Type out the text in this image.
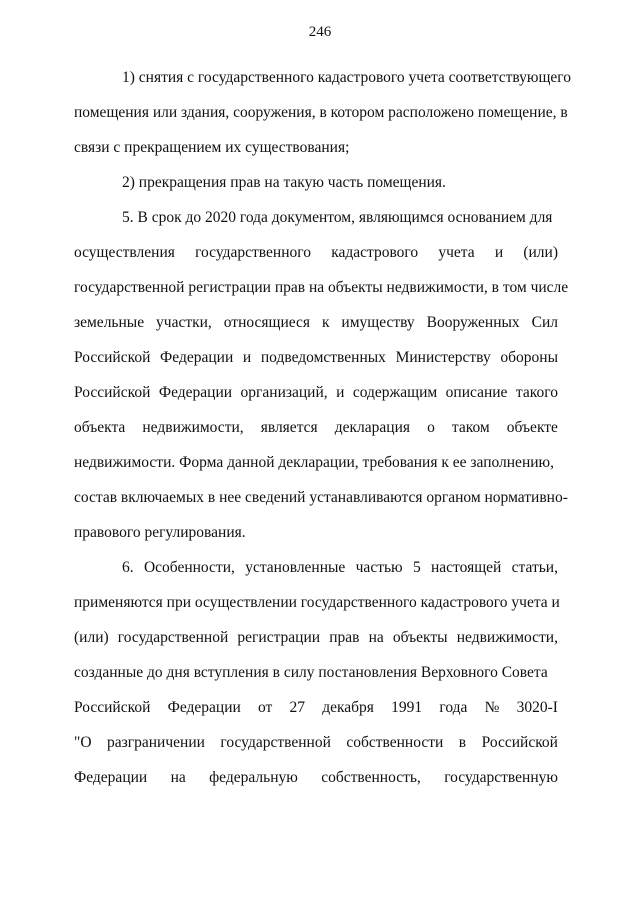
246
1) снятия с государственного кадастрового учета соответствующего
помещения или здания, сооружения, в котором расположено помещение, в
связи с прекращением их существования;
2) прекращения прав на такую часть помещения.
5. В срок до 2020 года документом, являющимся основанием для
осуществления государственного кадастрового учета и (или)
государственной регистрации прав на объекты недвижимости, в том числе
земельные участки, относящиеся к имуществу Вооруженных Сил
Российской Федерации и подведомственных Министерству обороны
Российской Федерации организаций, и содержащим описание такого
объекта недвижимости, является декларация о таком объекте
недвижимости. Форма данной декларации, требования к ее заполнению,
состав включаемых в нее сведений устанавливаются органом нормативно-
правового регулирования.
6. Особенности, установленные частью 5 настоящей статьи,
применяются при осуществлении государственного кадастрового учета и
(или) государственной регистрации прав на объекты недвижимости,
созданные до дня вступления в силу постановления Верховного Совета
Российской Федерации от 27 декабря 1991 года № 3020-I
"О разграничении государственной собственности в Российской
Федерации на федеральную собственность, государственную
